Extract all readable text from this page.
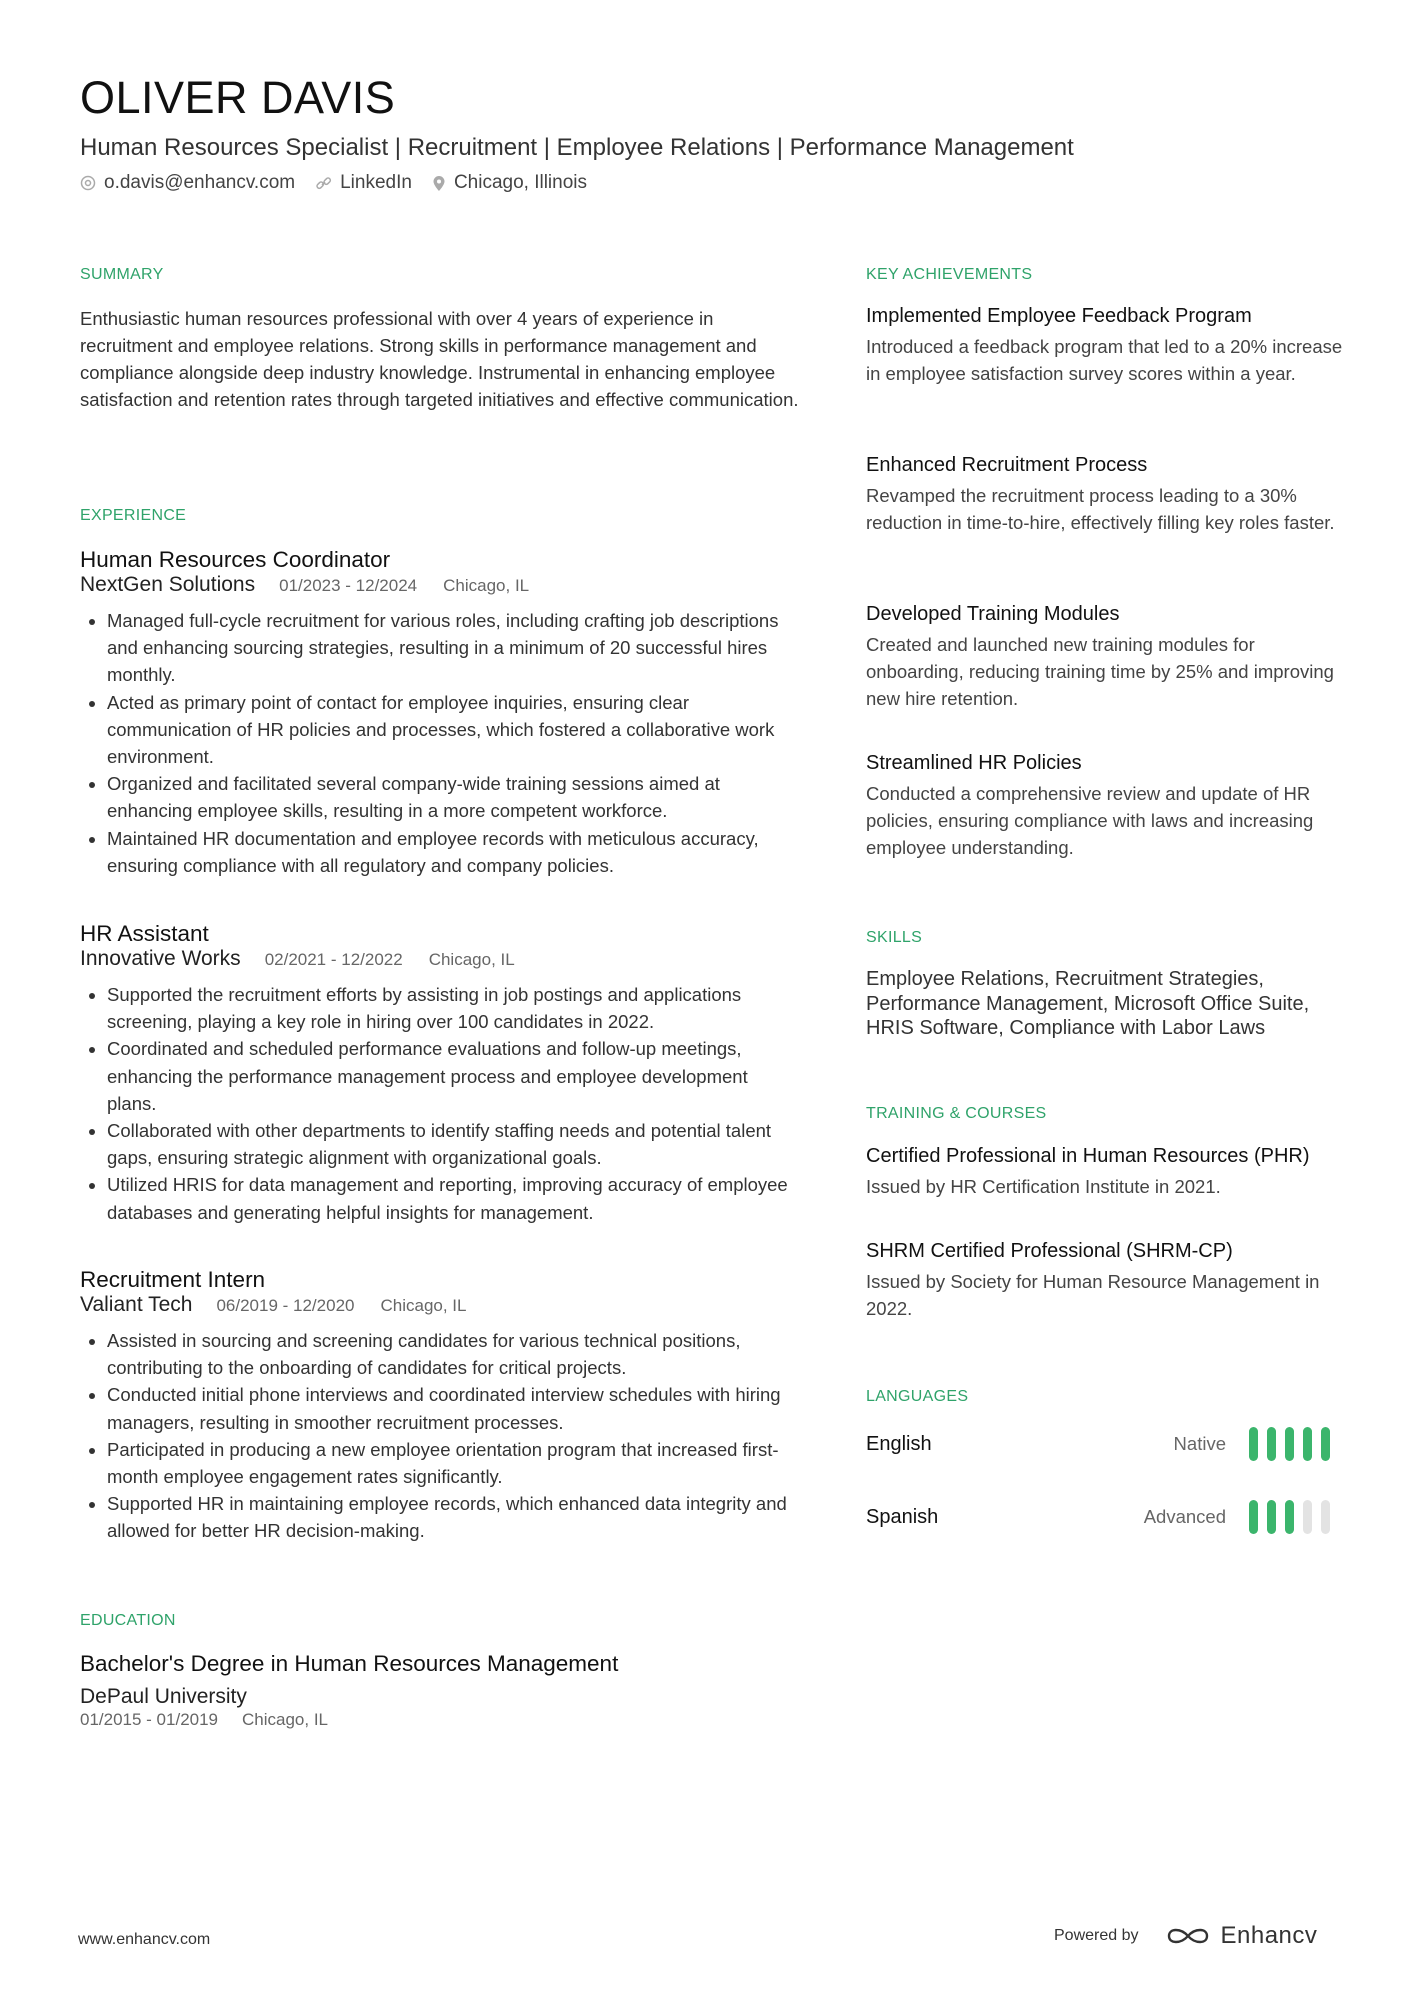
OLIVER DAVIS
Human Resources Specialist | Recruitment | Employee Relations | Performance Management
o.davis@enhancv.com LinkedIn Chicago, Illinois
SUMMARY
Enthusiastic human resources professional with over 4 years of experience in recruitment and employee relations. Strong skills in performance management and compliance alongside deep industry knowledge. Instrumental in enhancing employee satisfaction and retention rates through targeted initiatives and effective communication.
EXPERIENCE
Human Resources Coordinator
NextGen Solutions 01/2023 - 12/2024 Chicago, IL
• Managed full-cycle recruitment for various roles, including crafting job descriptions and enhancing sourcing strategies, resulting in a minimum of 20 successful hires monthly.
• Acted as primary point of contact for employee inquiries, ensuring clear communication of HR policies and processes, which fostered a collaborative work environment.
• Organized and facilitated several company-wide training sessions aimed at enhancing employee skills, resulting in a more competent workforce.
• Maintained HR documentation and employee records with meticulous accuracy, ensuring compliance with all regulatory and company policies.
HR Assistant
Innovative Works 02/2021 - 12/2022 Chicago, IL
• Supported the recruitment efforts by assisting in job postings and applications screening, playing a key role in hiring over 100 candidates in 2022.
• Coordinated and scheduled performance evaluations and follow-up meetings, enhancing the performance management process and employee development plans.
• Collaborated with other departments to identify staffing needs and potential talent gaps, ensuring strategic alignment with organizational goals.
• Utilized HRIS for data management and reporting, improving accuracy of employee databases and generating helpful insights for management.
Recruitment Intern
Valiant Tech 06/2019 - 12/2020 Chicago, IL
• Assisted in sourcing and screening candidates for various technical positions, contributing to the onboarding of candidates for critical projects.
• Conducted initial phone interviews and coordinated interview schedules with hiring managers, resulting in smoother recruitment processes.
• Participated in producing a new employee orientation program that increased first-month employee engagement rates significantly.
• Supported HR in maintaining employee records, which enhanced data integrity and allowed for better HR decision-making.
EDUCATION
Bachelor's Degree in Human Resources Management
DePaul University
01/2015 - 01/2019 Chicago, IL
KEY ACHIEVEMENTS
Implemented Employee Feedback Program
Introduced a feedback program that led to a 20% increase in employee satisfaction survey scores within a year.
Enhanced Recruitment Process
Revamped the recruitment process leading to a 30% reduction in time-to-hire, effectively filling key roles faster.
Developed Training Modules
Created and launched new training modules for onboarding, reducing training time by 25% and improving new hire retention.
Streamlined HR Policies
Conducted a comprehensive review and update of HR policies, ensuring compliance with laws and increasing employee understanding.
SKILLS
Employee Relations, Recruitment Strategies, Performance Management, Microsoft Office Suite, HRIS Software, Compliance with Labor Laws
TRAINING & COURSES
Certified Professional in Human Resources (PHR)
Issued by HR Certification Institute in 2021.
SHRM Certified Professional (SHRM-CP)
Issued by Society for Human Resource Management in 2022.
LANGUAGES
English	Native
Spanish	Advanced
www.enhancv.com	Powered by	Enhancv
